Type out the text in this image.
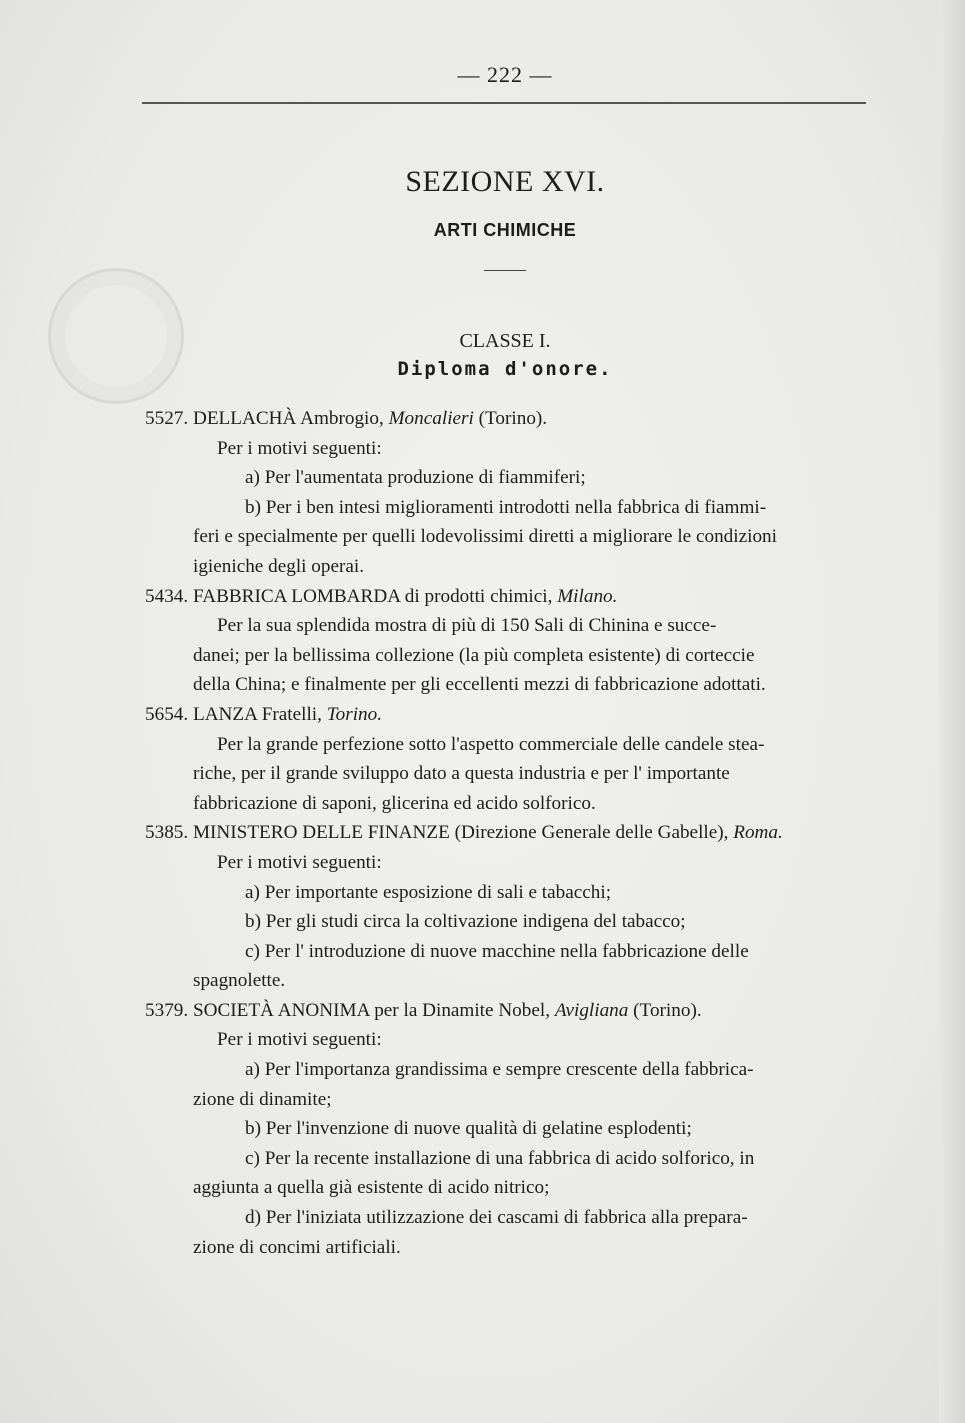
— 222 —
SEZIONE XVI.
ARTI CHIMICHE
CLASSE I.
Diploma d'onore.

5527. DELLACHÀ Ambrogio, Moncalieri (Torino).

Per i motivi seguenti:

a) Per l'aumentata produzione di fiammiferi;

b) Per i ben intesi miglioramenti introdotti nella fabbrica di fiammi-

feri e specialmente per quelli lodevolissimi diretti a migliorare le condizioni

igieniche degli operai.

5434. FABBRICA LOMBARDA di prodotti chimici, Milano.

Per la sua splendida mostra di più di 150 Sali di Chinina e succe-

danei; per la bellissima collezione (la più completa esistente) di corteccie

della China; e finalmente per gli eccellenti mezzi di fabbricazione adottati.

5654. LANZA Fratelli, Torino.

Per la grande perfezione sotto l'aspetto commerciale delle candele stea-

riche, per il grande sviluppo dato a questa industria e per l' importante

fabbricazione di saponi, glicerina ed acido solforico.

5385. MINISTERO DELLE FINANZE (Direzione Generale delle Gabelle), Roma.

Per i motivi seguenti:

a) Per importante esposizione di sali e tabacchi;

b) Per gli studi circa la coltivazione indigena del tabacco;

c) Per l' introduzione di nuove macchine nella fabbricazione delle

spagnolette.

5379. SOCIETÀ ANONIMA per la Dinamite Nobel, Avigliana (Torino).

Per i motivi seguenti:

a) Per l'importanza grandissima e sempre crescente della fabbrica-

zione di dinamite;

b) Per l'invenzione di nuove qualità di gelatine esplodenti;

c) Per la recente installazione di una fabbrica di acido solforico, in

aggiunta a quella già esistente di acido nitrico;

d) Per l'iniziata utilizzazione dei cascami di fabbrica alla prepara-

zione di concimi artificiali.
